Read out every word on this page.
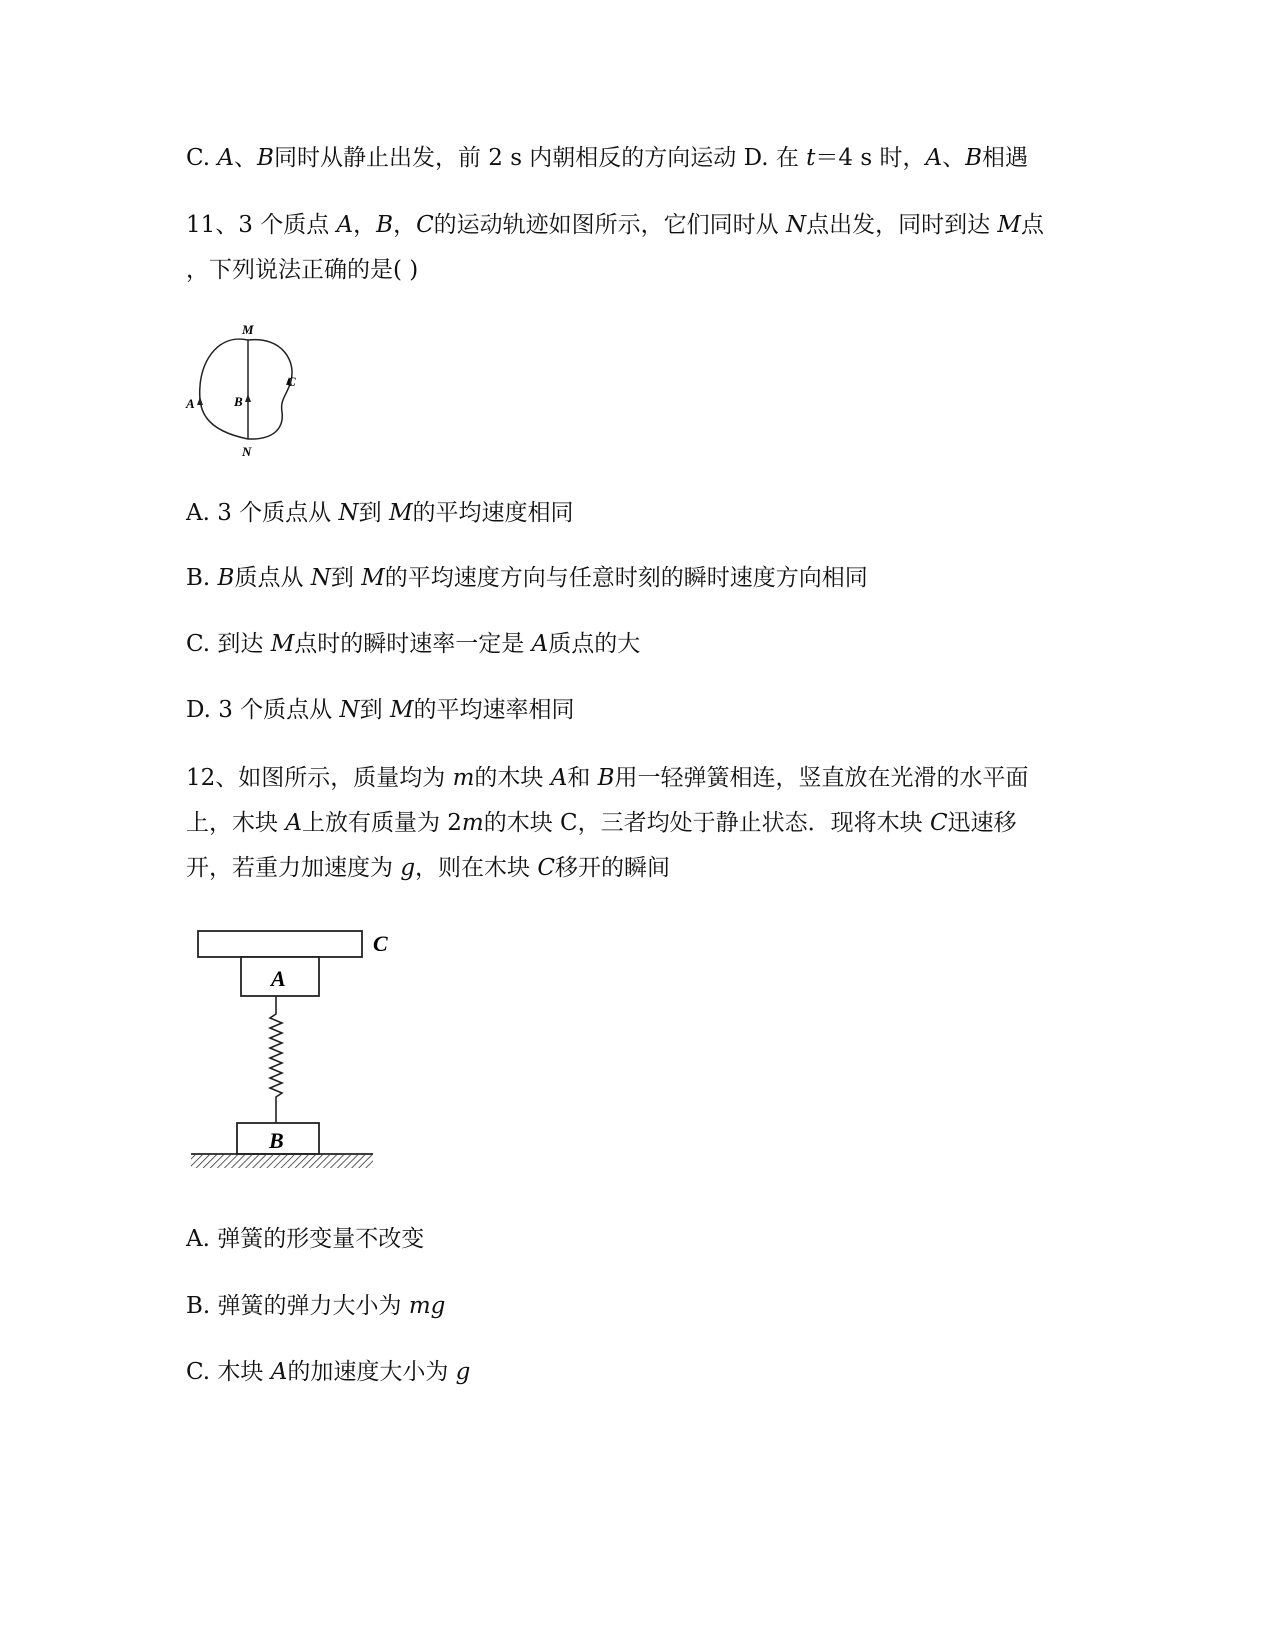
C. A、B同时从静止出发，前 2 s 内朝相反的方向运动 D. 在 t＝4 s 时，A、B相遇
11、3 个质点 A，B，C的运动轨迹如图所示，它们同时从 N点出发，同时到达 M点
，下列说法正确的是( )
M
N
A	B
C
A. 3 个质点从 N到 M的平均速度相同
B. B质点从 N到 M的平均速度方向与任意时刻的瞬时速度方向相同
C. 到达 M点时的瞬时速率一定是 A质点的大
D. 3 个质点从 N到 M的平均速率相同
12、如图所示，质量均为 m的木块 A和 B用一轻弹簧相连，竖直放在光滑的水平面
上，木块 A上放有质量为 2m的木块 C，三者均处于静止状态．现将木块 C迅速移
开，若重力加速度为 g，则在木块 C移开的瞬间
C
A
B
A. 弹簧的形变量不改变
B. 弹簧的弹力大小为 mg
C. 木块 A的加速度大小为 g
